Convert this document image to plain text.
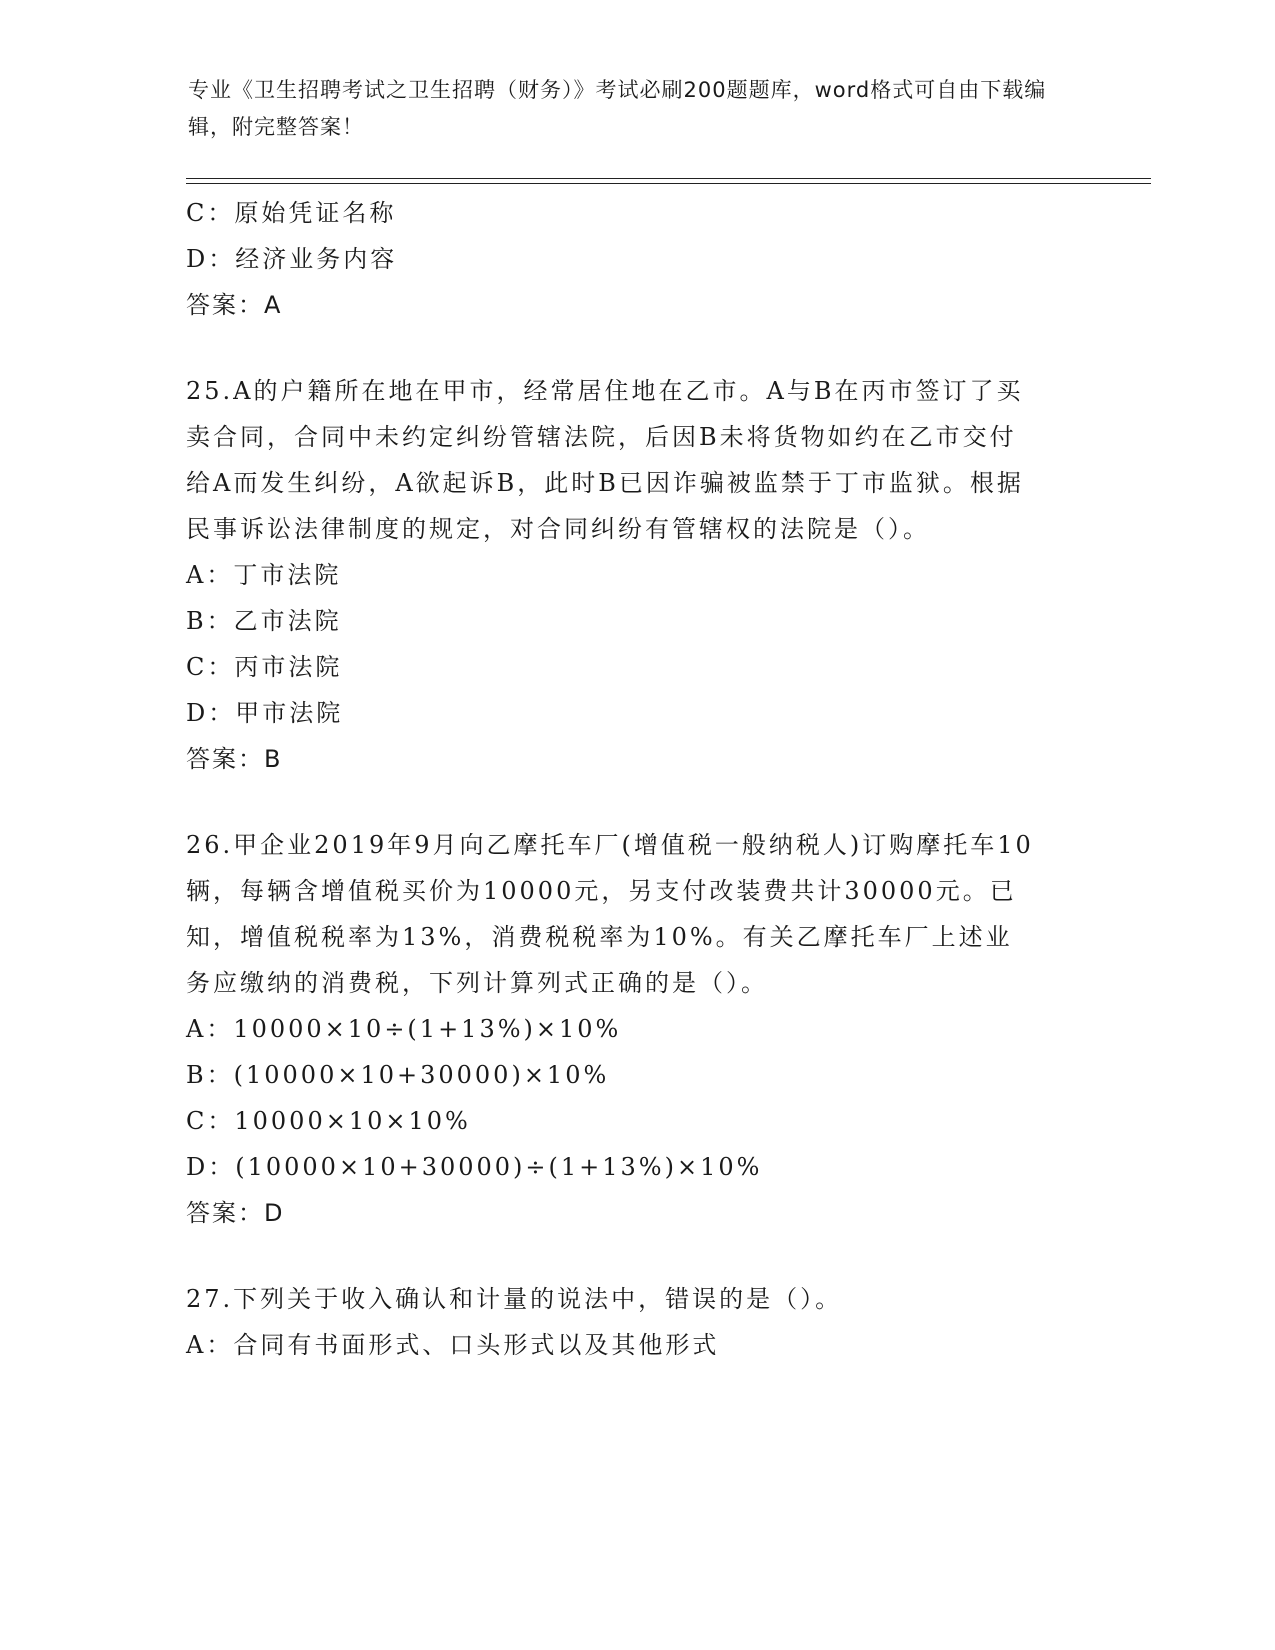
专业《卫生招聘考试之卫生招聘（财务）》考试必刷200题题库，word格式可自由下载编辑，附完整答案！
C：原始凭证名称
D：经济业务内容
答案：A
25.A的户籍所在地在甲市，经常居住地在乙市。A与B在丙市签订了买卖合同，合同中未约定纠纷管辖法院，后因B未将货物如约在乙市交付给A而发生纠纷，A欲起诉B，此时B已因诈骗被监禁于丁市监狱。根据民事诉讼法律制度的规定，对合同纠纷有管辖权的法院是（）。
A：丁市法院
B：乙市法院
C：丙市法院
D：甲市法院
答案：B
26.甲企业2019年9月向乙摩托车厂(增值税一般纳税人)订购摩托车10辆，每辆含增值税买价为10000元，另支付改装费共计30000元。已知，增值税税率为13%，消费税税率为10%。有关乙摩托车厂上述业务应缴纳的消费税，下列计算列式正确的是（）。
A：10000×10÷(1+13%)×10%
B：(10000×10+30000)×10%
C：10000×10×10%
D：(10000×10+30000)÷(1+13%)×10%
答案：D
27.下列关于收入确认和计量的说法中，错误的是（）。
A：合同有书面形式、口头形式以及其他形式
